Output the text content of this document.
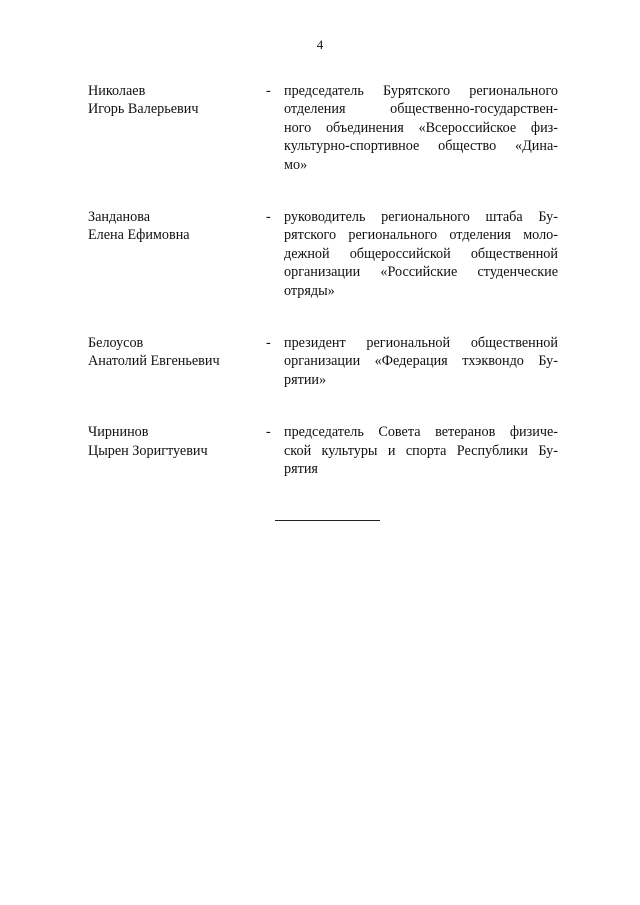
4
Николаев
Игорь Валерьевич
- председатель Бурятского регионального
отделения общественно-государствен-
ного объединения «Всероссийское физ-
культурно-спортивное общество «Дина-
мо»
Занданова
Елена Ефимовна
- руководитель регионального штаба Бу-
рятского регионального отделения моло-
дежной общероссийской общественной
организации «Российские студенческие
отряды»
Белоусов
Анатолий Евгеньевич
- президент региональной общественной
организации «Федерация тхэквондо Бу-
рятии»
Чирнинов
Цырен Зоригтуевич
- председатель Совета ветеранов физиче-
ской культуры и спорта Республики Бу-
рятия
